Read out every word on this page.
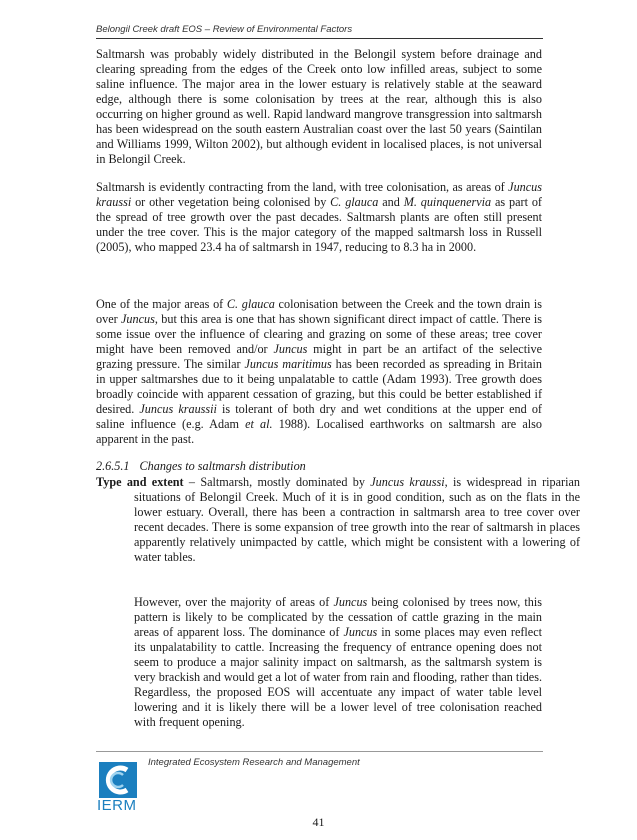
Belongil Creek draft EOS – Review of Environmental Factors

Saltmarsh was probably widely distributed in the Belongil system before drainage and clearing spreading from the edges of the Creek onto low infilled areas, subject to some saline influence. The major area in the lower estuary is relatively stable at the seaward edge, although there is some colonisation by trees at the rear, although this is also occurring on higher ground as well. Rapid landward mangrove transgression into saltmarsh has been widespread on the south eastern Australian coast over the last 50 years (Saintilan and Williams 1999, Wilton 2002), but although evident in localised places, is not universal in Belongil Creek.

Saltmarsh is evidently contracting from the land, with tree colonisation, as areas of Juncus kraussi or other vegetation being colonised by C. glauca and M. quinquenervia as part of the spread of tree growth over the past decades. Saltmarsh plants are often still present under the tree cover. This is the major category of the mapped saltmarsh loss in Russell (2005), who mapped 23.4 ha of saltmarsh in 1947, reducing to 8.3 ha in 2000.

One of the major areas of C. glauca colonisation between the Creek and the town drain is over Juncus, but this area is one that has shown significant direct impact of cattle. There is some issue over the influence of clearing and grazing on some of these areas; tree cover might have been removed and/or Juncus might in part be an artifact of the selective grazing pressure. The similar Juncus maritimus has been recorded as spreading in Britain in upper saltmarshes due to it being unpalatable to cattle (Adam 1993). Tree growth does broadly coincide with apparent cessation of grazing, but this could be better established if desired. Juncus kraussii is tolerant of both dry and wet conditions at the upper end of saline influence (e.g. Adam et al. 1988). Localised earthworks on saltmarsh are also apparent in the past.

2.6.5.1 Changes to saltmarsh distribution

Type and extent – Saltmarsh, mostly dominated by Juncus kraussi, is widespread in riparian situations of Belongil Creek. Much of it is in good condition, such as on the flats in the lower estuary. Overall, there has been a contraction in saltmarsh area to tree cover over recent decades. There is some expansion of tree growth into the rear of saltmarsh in places apparently relatively unimpacted by cattle, which might be consistent with a lowering of water tables.

However, over the majority of areas of Juncus being colonised by trees now, this pattern is likely to be complicated by the cessation of cattle grazing in the main areas of apparent loss. The dominance of Juncus in some places may even reflect its unpalatability to cattle. Increasing the frequency of entrance opening does not seem to produce a major salinity impact on saltmarsh, as the saltmarsh system is very brackish and would get a lot of water from rain and flooding, rather than tides. Regardless, the proposed EOS will accentuate any impact of water table level lowering and it is likely there will be a lower level of tree colonisation reached with frequent opening.

Integrated Ecosystem Research and Management
IERM
41
